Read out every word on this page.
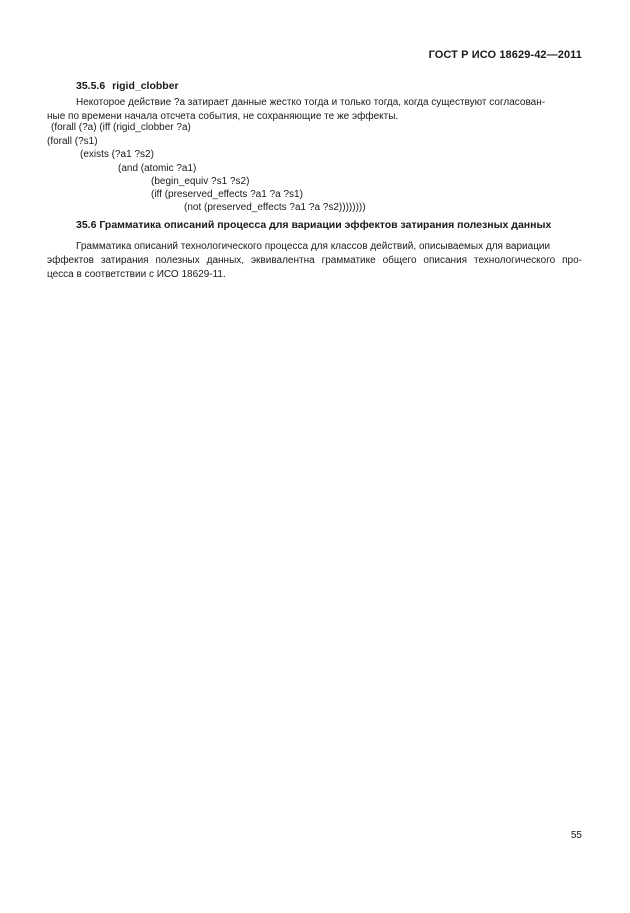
ГОСТ Р ИСО 18629-42—2011
35.5.6 rigid_clobber
Некоторое действие ?a затирает данные жестко тогда и только тогда, когда существуют согласован-
ные по времени начала отсчета события, не сохраняющие те же эффекты.
(forall (?a) (iff (rigid_clobber ?a)
(forall (?s1)
(exists (?a1 ?s2)
(and (atomic ?a1)
(begin_equiv ?s1 ?s2)
(iff (preserved_effects ?a1 ?a ?s1)
(not (preserved_effects ?a1 ?a ?s2))))))))
35.6 Грамматика описаний процесса для вариации эффектов затирания полезных данных
Грамматика описаний технологического процесса для классов действий, описываемых для вариации
эффектов затирания полезных данных, эквивалентна грамматике общего описания технологического про-
цесса в соответствии с ИСО 18629-11.
55
